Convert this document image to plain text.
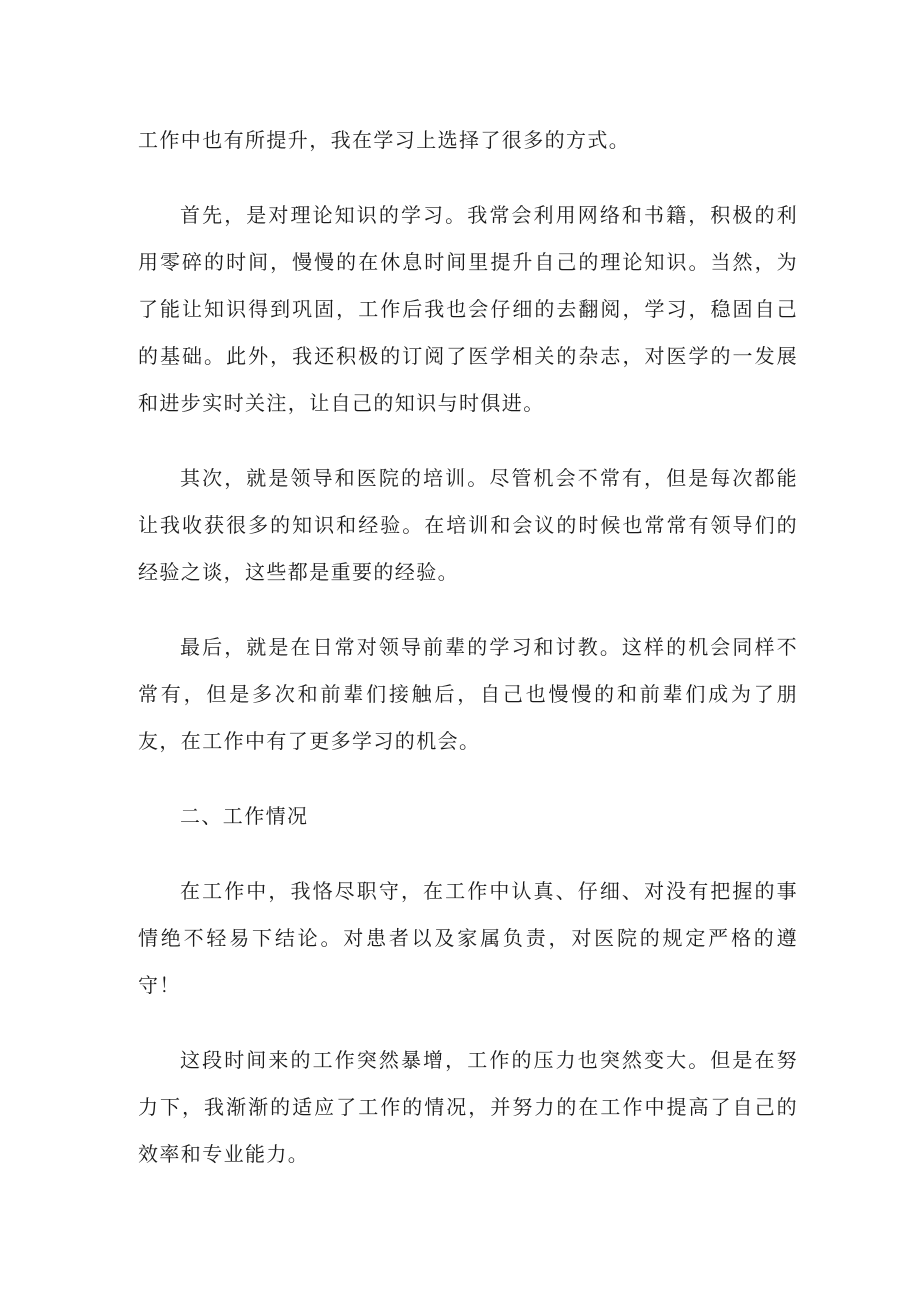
工作中也有所提升，我在学习上选择了很多的方式。

首先，是对理论知识的学习。我常会利用网络和书籍，积极的利用零碎的时间，慢慢的在休息时间里提升自己的理论知识。当然，为了能让知识得到巩固，工作后我也会仔细的去翻阅，学习，稳固自己的基础。此外，我还积极的订阅了医学相关的杂志，对医学的一发展和进步实时关注，让自己的知识与时俱进。

其次，就是领导和医院的培训。尽管机会不常有，但是每次都能让我收获很多的知识和经验。在培训和会议的时候也常常有领导们的经验之谈，这些都是重要的经验。

最后，就是在日常对领导前辈的学习和讨教。这样的机会同样不常有，但是多次和前辈们接触后，自己也慢慢的和前辈们成为了朋友，在工作中有了更多学习的机会。

二、工作情况

在工作中，我恪尽职守，在工作中认真、仔细、对没有把握的事情绝不轻易下结论。对患者以及家属负责，对医院的规定严格的遵守！

这段时间来的工作突然暴增，工作的压力也突然变大。但是在努力下，我渐渐的适应了工作的情况，并努力的在工作中提高了自己的效率和专业能力。
